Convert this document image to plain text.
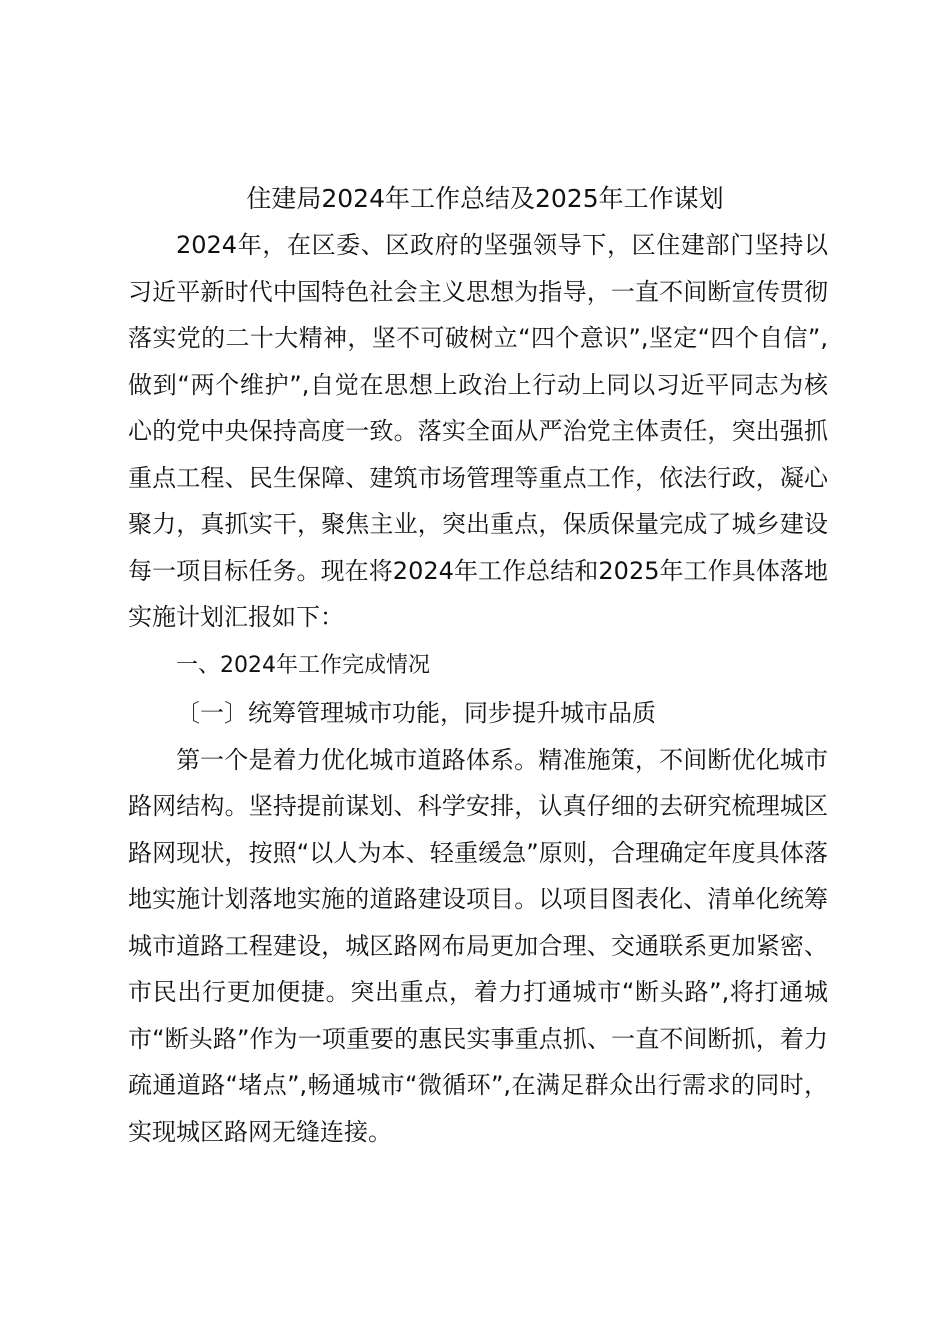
住建局2024年工作总结及2025年工作谋划

2024年，在区委、区政府的坚强领导下，区住建部门坚持以习近平新时代中国特色社会主义思想为指导，一直不间断宣传贯彻落实党的二十大精神，坚不可破树立“四个意识”,坚定“四个自信”,做到“两个维护”,自觉在思想上政治上行动上同以习近平同志为核心的党中央保持高度一致。落实全面从严治党主体责任，突出强抓重点工程、民生保障、建筑市场管理等重点工作，依法行政，凝心聚力，真抓实干，聚焦主业，突出重点，保质保量完成了城乡建设每一项目标任务。现在将2024年工作总结和2025年工作具体落地实施计划汇报如下：

一、2024年工作完成情况

〔一〕统筹管理城市功能，同步提升城市品质

第一个是着力优化城市道路体系。精准施策，不间断优化城市路网结构。坚持提前谋划、科学安排，认真仔细的去研究梳理城区路网现状，按照“以人为本、轻重缓急”原则，合理确定年度具体落地实施计划落地实施的道路建设项目。以项目图表化、清单化统筹城市道路工程建设，城区路网布局更加合理、交通联系更加紧密、市民出行更加便捷。突出重点，着力打通城市“断头路”,将打通城市“断头路”作为一项重要的惠民实事重点抓、一直不间断抓，着力疏通道路“堵点”,畅通城市“微循环”,在满足群众出行需求的同时，实现城区路网无缝连接。
